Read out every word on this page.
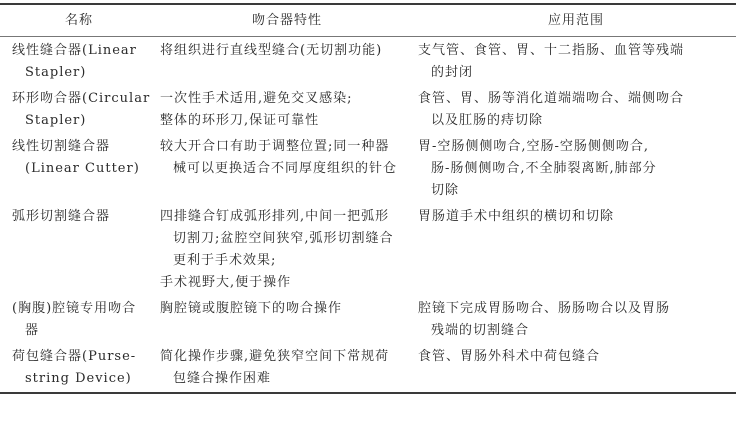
名称	吻合器特性	应用范围

线性缝合器(Linear
Stapler)	将组织进行直线型缝合(无切割功能)	支气管、食管、胃、十二指肠、血管等残端
的封闭

环形吻合器(Circular
Stapler)	一次性手术适用,避免交叉感染;
整体的环形刀,保证可靠性	食管、胃、肠等消化道端端吻合、端侧吻合
以及肛肠的痔切除

线性切割缝合器
(Linear Cutter)	较大开合口有助于调整位置;同一种器
械可以更换适合不同厚度组织的针仓	胃-空肠侧侧吻合,空肠-空肠侧侧吻合,
肠-肠侧侧吻合,不全肺裂离断,肺部分
切除

弧形切割缝合器	四排缝合钉成弧形排列,中间一把弧形
切割刀;盆腔空间狭窄,弧形切割缝合
更利于手术效果;
手术视野大,便于操作	胃肠道手术中组织的横切和切除

(胸腹)腔镜专用吻合
器	胸腔镜或腹腔镜下的吻合操作	腔镜下完成胃肠吻合、肠肠吻合以及胃肠
残端的切割缝合

荷包缝合器(Purse-
string Device)	简化操作步骤,避免狭窄空间下常规荷
包缝合操作困难	食管、胃肠外科术中荷包缝合
